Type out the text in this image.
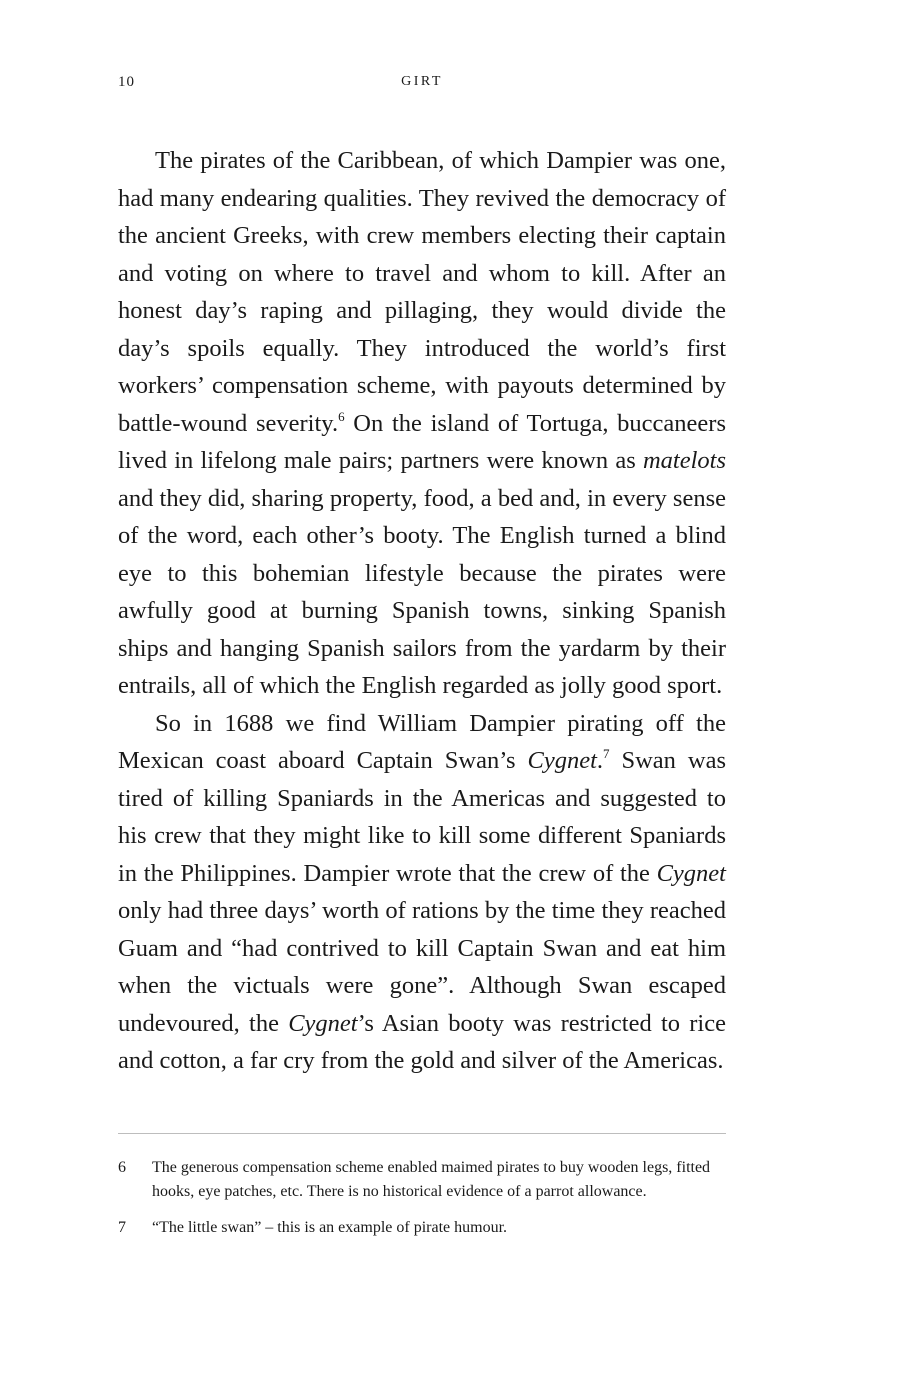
10	GIRT

The pirates of the Caribbean, of which Dampier was one, had many endearing qualities. They revived the democracy of the ancient Greeks, with crew members electing their captain and voting on where to travel and whom to kill. After an honest day’s raping and pillaging, they would divide the day’s spoils equally. They introduced the world’s first workers’ compensation scheme, with payouts determined by battle-wound severity.$^6$ On the island of Tortuga, buccaneers lived in lifelong male pairs; partners were known as matelots and they did, sharing property, food, a bed and, in every sense of the word, each other’s booty. The English turned a blind eye to this bohemian lifestyle because the pirates were awfully good at burning Spanish towns, sinking Spanish ships and hanging Spanish sailors from the yardarm by their entrails, all of which the English regarded as jolly good sport.

So in 1688 we find William Dampier pirating off the Mexican coast aboard Captain Swan’s Cygnet.$^7$ Swan was tired of killing Spaniards in the Americas and suggested to his crew that they might like to kill some different Spaniards in the Philippines. Dampier wrote that the crew of the Cygnet only had three days’ worth of rations by the time they reached Guam and “had contrived to kill Captain Swan and eat him when the victuals were gone”. Although Swan escaped undevoured, the Cygnet’s Asian booty was restricted to rice and cotton, a far cry from the gold and silver of the Americas.

6	The generous compensation scheme enabled maimed pirates to buy wooden legs, fitted hooks, eye patches, etc. There is no historical evidence of a parrot allowance.
7	“The little swan” – this is an example of pirate humour.
